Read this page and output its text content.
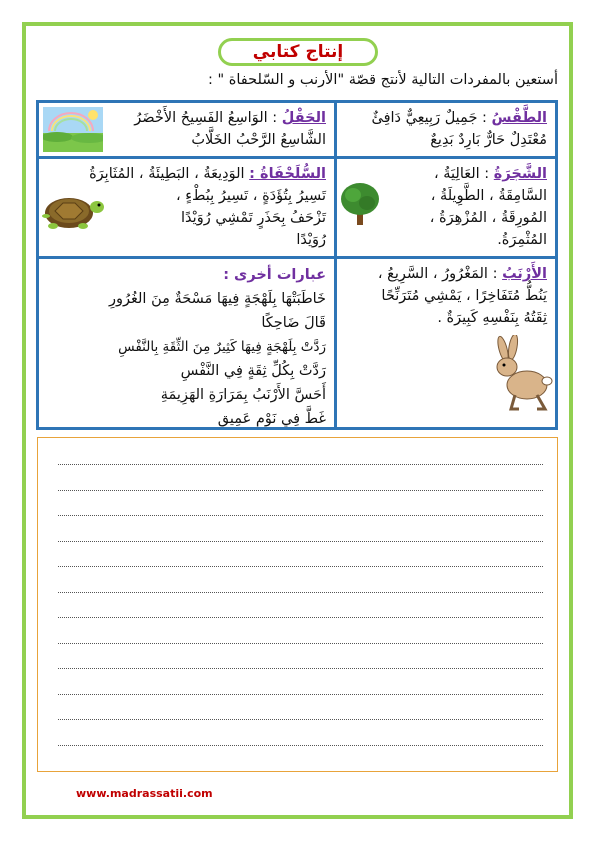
إنتاج كتابي
أستعين بالمفردات التالية لأنتج قصّة "الأرنب و السّلحفاة " :
الطَّقْسُ : جَمِيلٌ رَبِيعِيٌّ دَافِئٌ
مُعْتَدِلٌ حَارٌّ بَارِدٌ بَدِيعٌ
الحَقْلُ : الوَاسِعُ الفَسِيحُ الأَخْضَرُ
الشَّاسِعُ الرَّحْبُ الخَلَّابُ
الشَّجَرَةُ : العَالِيَةُ ،
السَّامِقَةُ ، الطَّوِيلَةُ ،
المُورِقَةُ ، المُزْهِرَةُ ،
المُثْمِرَةُ.
السُّلَحْفَاةُ : الوَدِيعَةُ ، البَطِيئَةُ ، المُثَابِرَةُ
تَسِيرُ بِتُؤَدَةٍ ، تَسِيرُ بِبُطْءٍ ،
تَزْحَفُ بِحَذَرٍ تَمْشِي رُوَيْدًا
رُوَيْدًا
الأَرْنَبُ : المَغْرُورُ ، السَّرِيعُ ،
يَنُطُّ مُتَفَاخِرًا ، يَمْشِي مُتَرَنِّحًا
ثِقَتُهُ بِنَفْسِهِ كَبِيرَةٌ .
عبارات أخرى :
خَاطَبَتْهَا بِلَهْجَةٍ فِيهَا مَسْحَةٌ مِنَ الغُرُورِ
قَالَ ضَاحِكًا
رَدَّتْ بِلَهْجَةٍ فِيهَا كَثِيرٌ مِنَ الثِّقَةِ بِالنَّفْسِ
رَدَّتْ بِكُلِّ ثِقَةٍ فِي النَّفْسِ
أَحَسَّ الأَرْنَبُ بِمَرَارَةِ الهَزِيمَةِ
غَطَّ فِي نَوْمٍ عَمِيقٍ
www.madrassatii.com
